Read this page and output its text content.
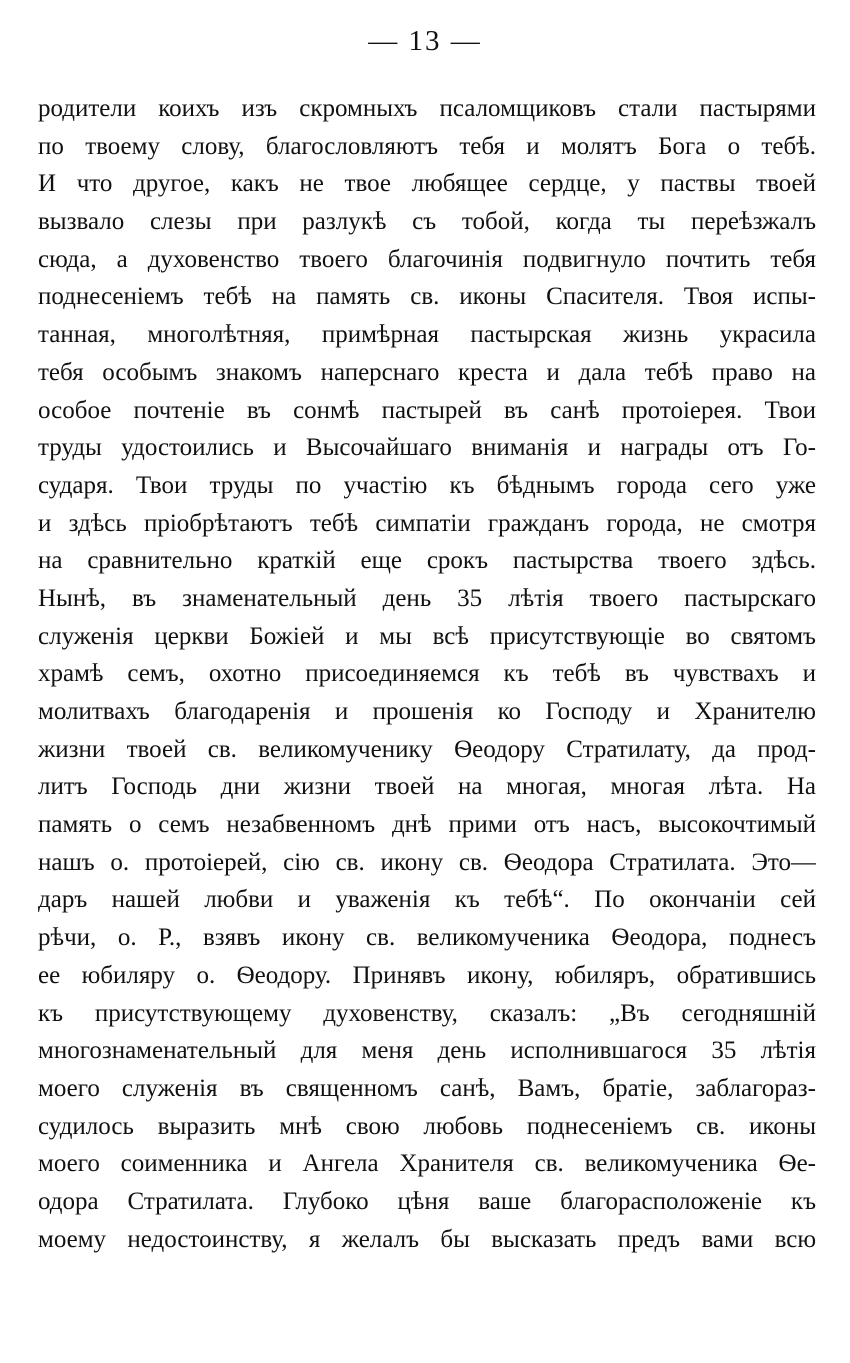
— 13 —
родители коихъ изъ скромныхъ псаломщиковъ стали пастырями
по твоему слову, благословляютъ тебя и молятъ Бога о тебѣ.
И что другое, какъ не твое любящее сердце, у паствы твоей
вызвало слезы при разлукѣ съ тобой, когда ты переѣзжалъ
сюда, а духовенство твоего благочинія подвигнуло почтить тебя
поднесеніемъ тебѣ на память св. иконы Спасителя. Твоя испы-
танная, многолѣтняя, примѣрная пастырская жизнь украсила
тебя особымъ знакомъ наперснаго креста и дала тебѣ право на
особое почтеніе въ сонмѣ пастырей въ санѣ протоіерея. Твои
труды удостоились и Высочайшаго вниманія и награды отъ Го-
сударя. Твои труды по участію къ бѣднымъ города сего уже
и здѣсь пріобрѣтаютъ тебѣ симпатіи гражданъ города, не смотря
на сравнительно краткій еще срокъ пастырства твоего здѣсь.
Нынѣ, въ знаменательный день 35 лѣтія твоего пастырскаго
служенія церкви Божіей и мы всѣ присутствующіе во святомъ
храмѣ семъ, охотно присоединяемся къ тебѣ въ чувствахъ и
молитвахъ благодаренія и прошенія ко Господу и Хранителю
жизни твоей св. великомученику Ѳеодору Стратилату, да прод-
литъ Господь дни жизни твоей на многая, многая лѣта. На
память о семъ незабвенномъ днѣ прими отъ насъ, высокочтимый
нашъ о. протоіерей, сію св. икону св. Ѳеодора Стратилата. Это—
даръ нашей любви и уваженія къ тебѣ“. По окончаніи сей
рѣчи, о. Р., взявъ икону св. великомученика Ѳеодора, поднесъ
ее юбиляру о. Ѳеодору. Принявъ икону, юбиляръ, обратившись
къ присутствующему духовенству, сказалъ: „Въ сегодняшній
многознаменательный для меня день исполнившагося 35 лѣтія
моего служенія въ священномъ санѣ, Вамъ, братіе, заблагораз-
судилось выразить мнѣ свою любовь поднесеніемъ св. иконы
моего соименника и Ангела Хранителя св. великомученика Ѳе-
одора Стратилата. Глубоко цѣня ваше благорасположеніе къ
моему недостоинству, я желалъ бы высказать предъ вами всю
